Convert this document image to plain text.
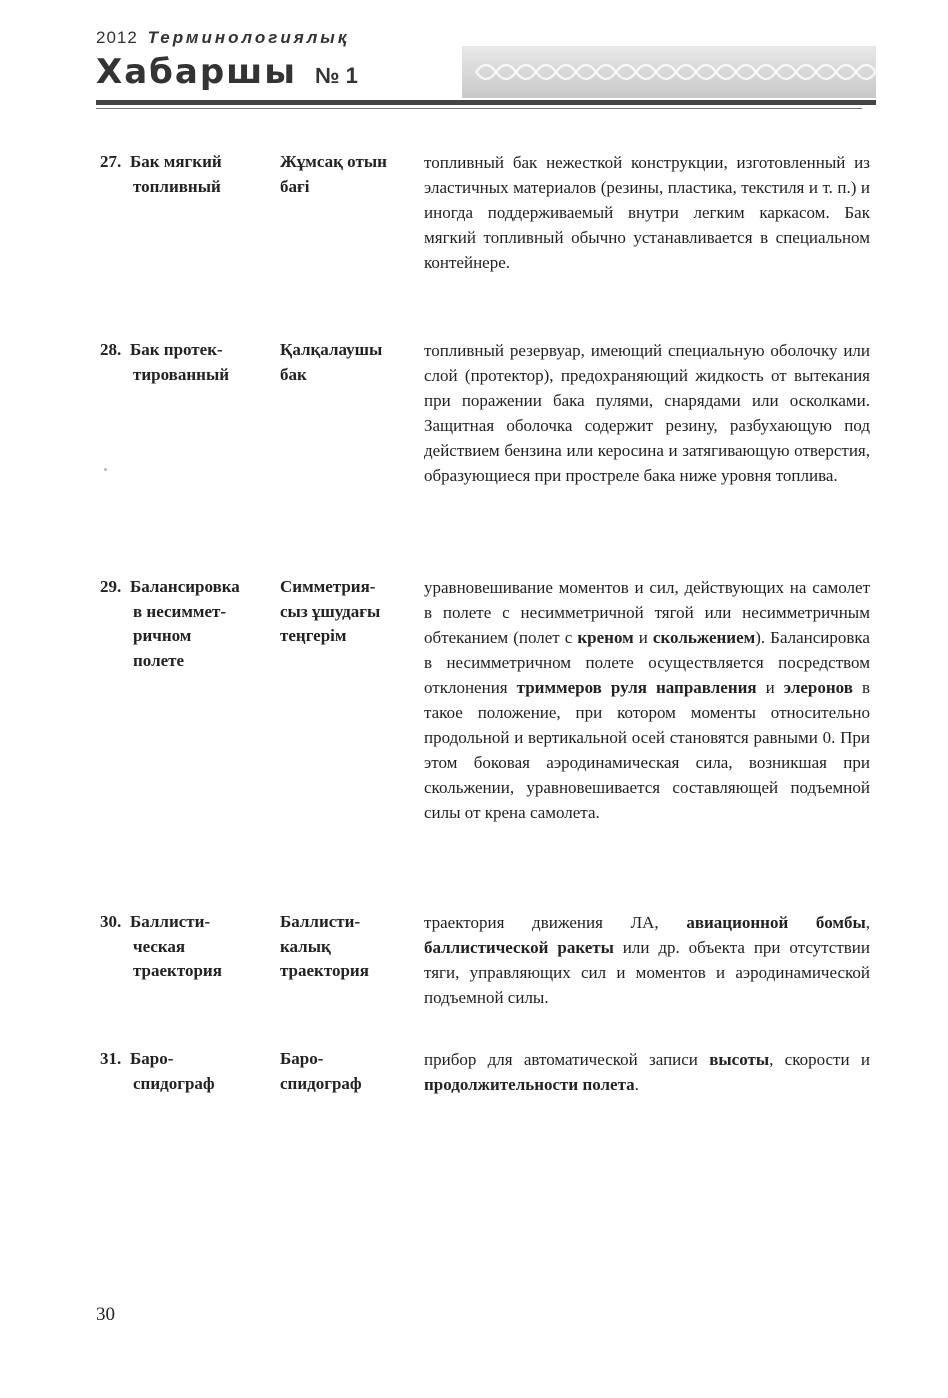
2012 Терминологиялық
Хабаршы № 1
27. Бак мягкий
топливный
Жұмсақ отын
бағі
топливный бак нежесткой конструкции, изготовленный из эластичных материалов (резины, пластика, текстиля и т. п.) и иногда поддерживаемый внутри легким каркасом. Бак мягкий топливный обычно устанавливается в специальном контейнере.
28. Бак протек-
тированный
Қалқалаушы
бак
топливный резервуар, имеющий специальную оболочку или слой (протектор), предохраняющий жидкость от вытекания при поражении бака пулями, снарядами или осколками. Защитная оболочка содержит резину, разбухающую под действием бензина или керосина и затягивающую отверстия, образующиеся при прострелe бака ниже уровня топлива.
29. Балансировка
в несиммет-
ричном
полете
Симметрия-
сыз ұшудағы
теңгерім
уравновешивание моментов и сил, действующих на самолет в полете с несимметричной тягой или несимметричным обтеканием (полет с креном и скольжением). Балансировка в несимметричном полете осуществляется посредством отклонения триммеров руля направления и элеронов в такое положение, при котором моменты относительно продольной и вертикальной осей становятся равными 0. При этом боковая аэродинамическая сила, возникшая при скольжении, уравновешивается составляющей подъемной силы от крена самолета.
30. Баллисти-
ческая
траектория
Баллисти-
калық
траектория
траектория движения ЛА, авиационной бомбы, баллистической ракеты или др. объекта при отсутствии тяги, управляющих сил и моментов и аэродинамической подъемной силы.
31. Баро-
спидограф
Баро-
спидограф
прибор для автоматической записи высоты, скорости и продолжительности полета.
30
